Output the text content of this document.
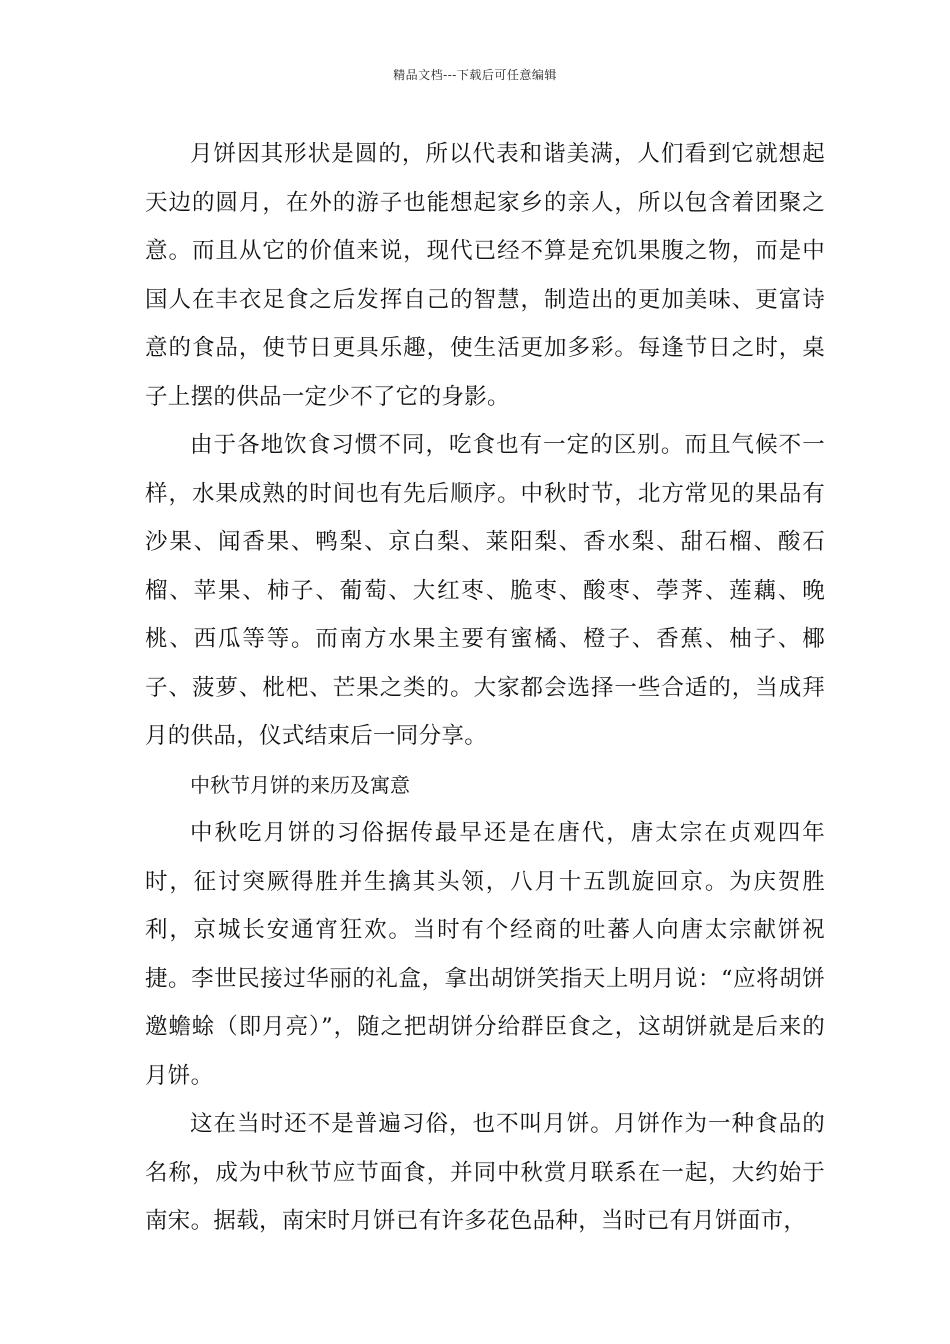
精品文档---下载后可任意编辑

月饼因其形状是圆的，所以代表和谐美满，人们看到它就想起天边的圆月，在外的游子也能想起家乡的亲人，所以包含着团聚之意。而且从它的价值来说，现代已经不算是充饥果腹之物，而是中国人在丰衣足食之后发挥自己的智慧，制造出的更加美味、更富诗意的食品，使节日更具乐趣，使生活更加多彩。每逢节日之时，桌子上摆的供品一定少不了它的身影。

由于各地饮食习惯不同，吃食也有一定的区别。而且气候不一样，水果成熟的时间也有先后顺序。中秋时节，北方常见的果品有沙果、闻香果、鸭梨、京白梨、莱阳梨、香水梨、甜石榴、酸石榴、苹果、柿子、葡萄、大红枣、脆枣、酸枣、荸荠、莲藕、晚桃、西瓜等等。而南方水果主要有蜜橘、橙子、香蕉、柚子、椰子、菠萝、枇杷、芒果之类的。大家都会选择一些合适的，当成拜月的供品，仪式结束后一同分享。

中秋节月饼的来历及寓意

中秋吃月饼的习俗据传最早还是在唐代，唐太宗在贞观四年时，征讨突厥得胜并生擒其头领，八月十五凯旋回京。为庆贺胜利，京城长安通宵狂欢。当时有个经商的吐蕃人向唐太宗献饼祝捷。李世民接过华丽的礼盒，拿出胡饼笑指天上明月说：“应将胡饼邀蟾蜍（即月亮）”，随之把胡饼分给群臣食之，这胡饼就是后来的月饼。

这在当时还不是普遍习俗，也不叫月饼。月饼作为一种食品的名称，成为中秋节应节面食，并同中秋赏月联系在一起，大约始于南宋。据载，南宋时月饼已有许多花色品种，当时已有月饼面市，
